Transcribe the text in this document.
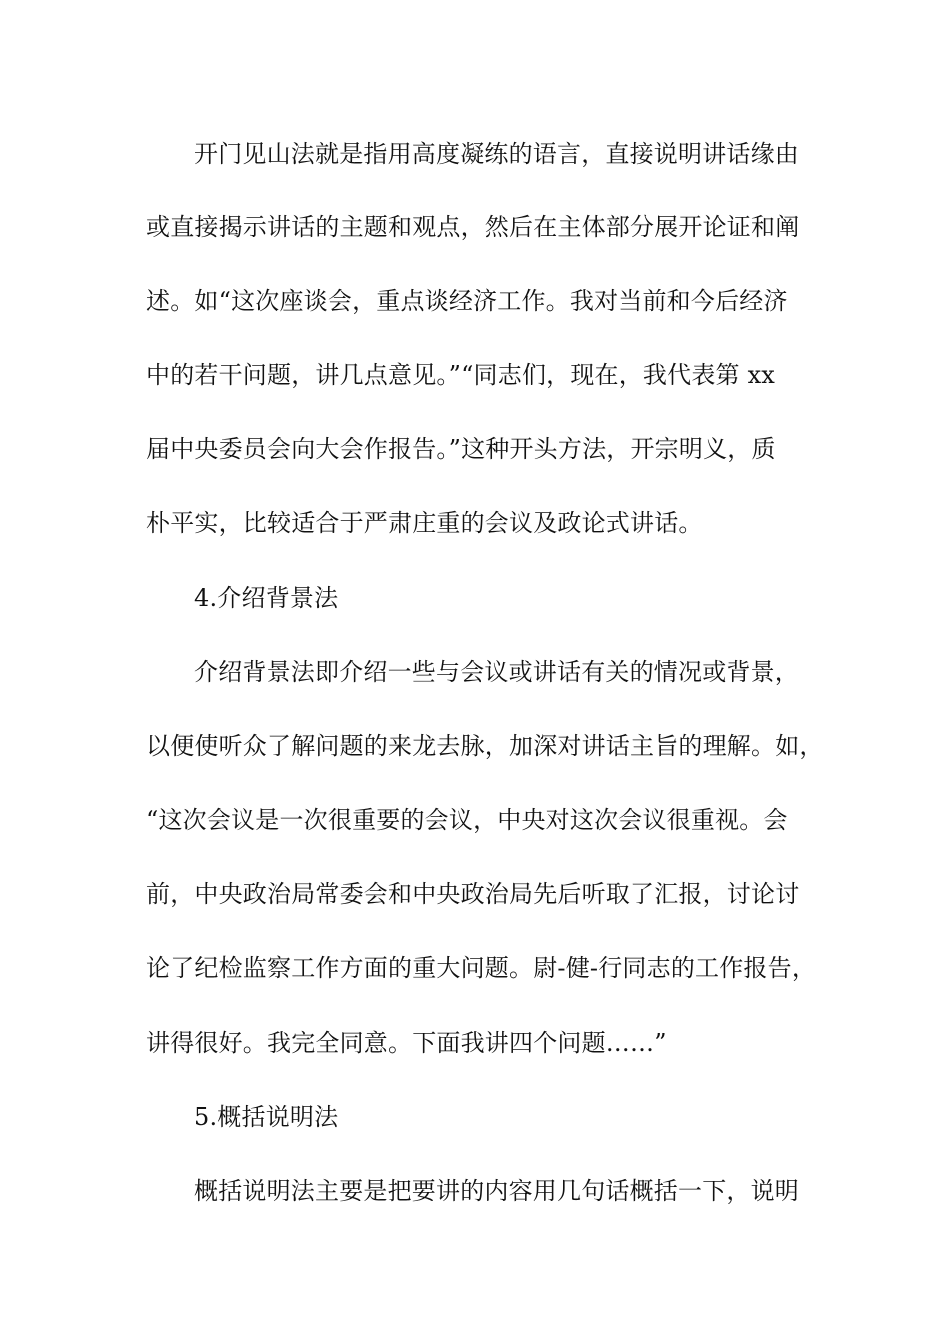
开门见山法就是指用高度凝练的语言，直接说明讲话缘由
或直接揭示讲话的主题和观点，然后在主体部分展开论证和阐
述。如“这次座谈会，重点谈经济工作。我对当前和今后经济
中的若干问题，讲几点意见。”“同志们，现在，我代表第 xx
届中央委员会向大会作报告。”这种开头方法，开宗明义，质
朴平实，比较适合于严肃庄重的会议及政论式讲话。
4.介绍背景法
介绍背景法即介绍一些与会议或讲话有关的情况或背景，
以便使听众了解问题的来龙去脉，加深对讲话主旨的理解。如，
“这次会议是一次很重要的会议，中央对这次会议很重视。会
前，中央政治局常委会和中央政治局先后听取了汇报，讨论讨
论了纪检监察工作方面的重大问题。尉-健-行同志的工作报告，
讲得很好。我完全同意。下面我讲四个问题……”
5.概括说明法
概括说明法主要是把要讲的内容用几句话概括一下，说明
